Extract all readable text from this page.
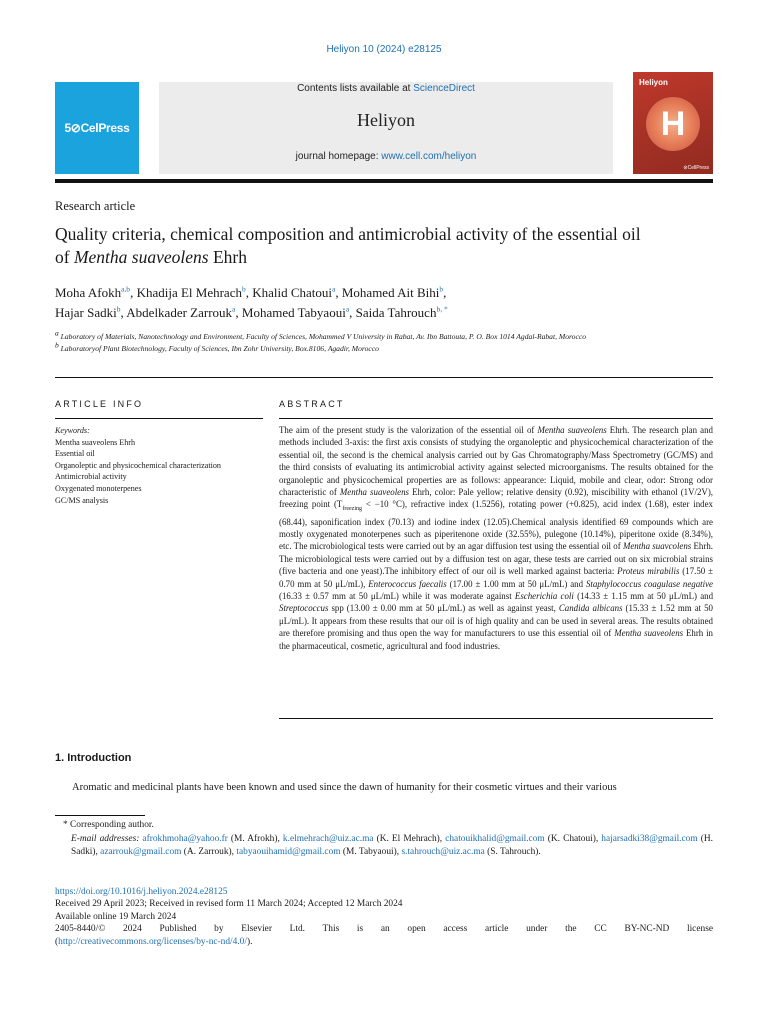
Heliyon 10 (2024) e28125
5⊘CelPress
Contents lists available at ScienceDirect
Heliyon
journal homepage: www.cell.com/heliyon
Heliyon
H
⊘CellPress
Research article
Quality criteria, chemical composition and antimicrobial activity of the essential oil of Mentha suaveolens Ehrh
Moha Afokh$^{a,b}$, Khadija El Mehrach$^b$, Khalid Chatoui$^a$, Mohamed Ait Bihi$^b$,
Hajar Sadki$^b$, Abdelkader Zarrouk$^a$, Mohamed Tabyaoui$^a$, Saida Tahrouch$^{b, *}$
$^a$ Laboratory of Materials, Nanotechnology and Environment, Faculty of Sciences, Mohammed V University in Rabat, Av. Ibn Battouta, P. O. Box 1014 Agdal-Rabat, Morocco
$^b$ Laboratoryof Plant Biotechnology, Faculty of Sciences, Ibn Zohr University, Box.8106, Agadir, Morocco
ARTICLE INFO	ABSTRACT
Keywords:
Mentha suaveolens Ehrh
Essential oil
Organoleptic and physicochemical characterization
Antimicrobial activity
Oxygenated monoterpenes
GC/MS analysis
The aim of the present study is the valorization of the essential oil of Mentha suaveolens Ehrh. The research plan and methods included 3-axis: the first axis consists of studying the organoleptic and physicochemical characterization of the essential oil, the second is the chemical analysis carried out by Gas Chromatography/Mass Spectrometry (GC/MS) and the third consists of evaluating its antimicrobial activity against selected microorganisms. The results obtained for the organoleptic and physicochemical properties are as follows: appearance: Liquid, mobile and clear, odor: Strong odor characteristic of Mentha suaveolens Ehrh, color: Pale yellow; relative density (0.92), miscibility with ethanol (1V/2V), freezing point ($T_{freezing} < -10$ °C), refractive index (1.5256), rotating power (+0.825), acid index (1.68), ester index (68.44), saponification index (70.13) and iodine index (12.05).Chemical analysis identified 69 compounds which are mostly oxygenated monoterpenes such as piperitenone oxide (32.55%), pulegone (10.14%), piperitone oxide (8.34%), etc. The microbiological tests were carried out by an agar diffusion test using the essential oil of Mentha suavcolens Ehrh. The microbiological tests were carried out by a diffusion test on agar, these tests are carried out on six microbial strains (five bacteria and one yeast).The inhibitory effect of our oil is well marked against bacteria: Proteus mirabilis (17.50 ± 0.70 mm at 50 μL/mL), Enterococcus faecalis (17.00 ± 1.00 mm at 50 μL/mL) and Staphylococcus coagulase negative (16.33 ± 0.57 mm at 50 μL/mL) while it was moderate against Escherichia coli (14.33 ± 1.15 mm at 50 μL/mL) and Streptococcus spp (13.00 ± 0.00 mm at 50 μL/mL) as well as against yeast, Candida albicans (15.33 ± 1.52 mm at 50 μL/mL). It appears from these results that our oil is of high quality and can be used in several areas. The results obtained are therefore promising and thus open the way for manufacturers to use this essential oil of Mentha suaveolens Ehrh in the pharmaceutical, cosmetic, agricultural and food industries.
1. Introduction
Aromatic and medicinal plants have been known and used since the dawn of humanity for their cosmetic virtues and their various
* Corresponding author.
E-mail addresses: afrokhmoha@yahoo.fr (M. Afrokh), k.elmehrach@uiz.ac.ma (K. El Mehrach), chatouikhalid@gmail.com (K. Chatoui), hajarsadki38@gmail.com (H. Sadki), azarrouk@gmail.com (A. Zarrouk), tabyaouihamid@gmail.com (M. Tabyaoui), s.tahrouch@uiz.ac.ma (S. Tahrouch).
https://doi.org/10.1016/j.heliyon.2024.e28125
Received 29 April 2023; Received in revised form 11 March 2024; Accepted 12 March 2024
Available online 19 March 2024
2405-8440/© 2024 Published by Elsevier Ltd. This is an open access article under the CC BY-NC-ND license
(http://creativecommons.org/licenses/by-nc-nd/4.0/).
